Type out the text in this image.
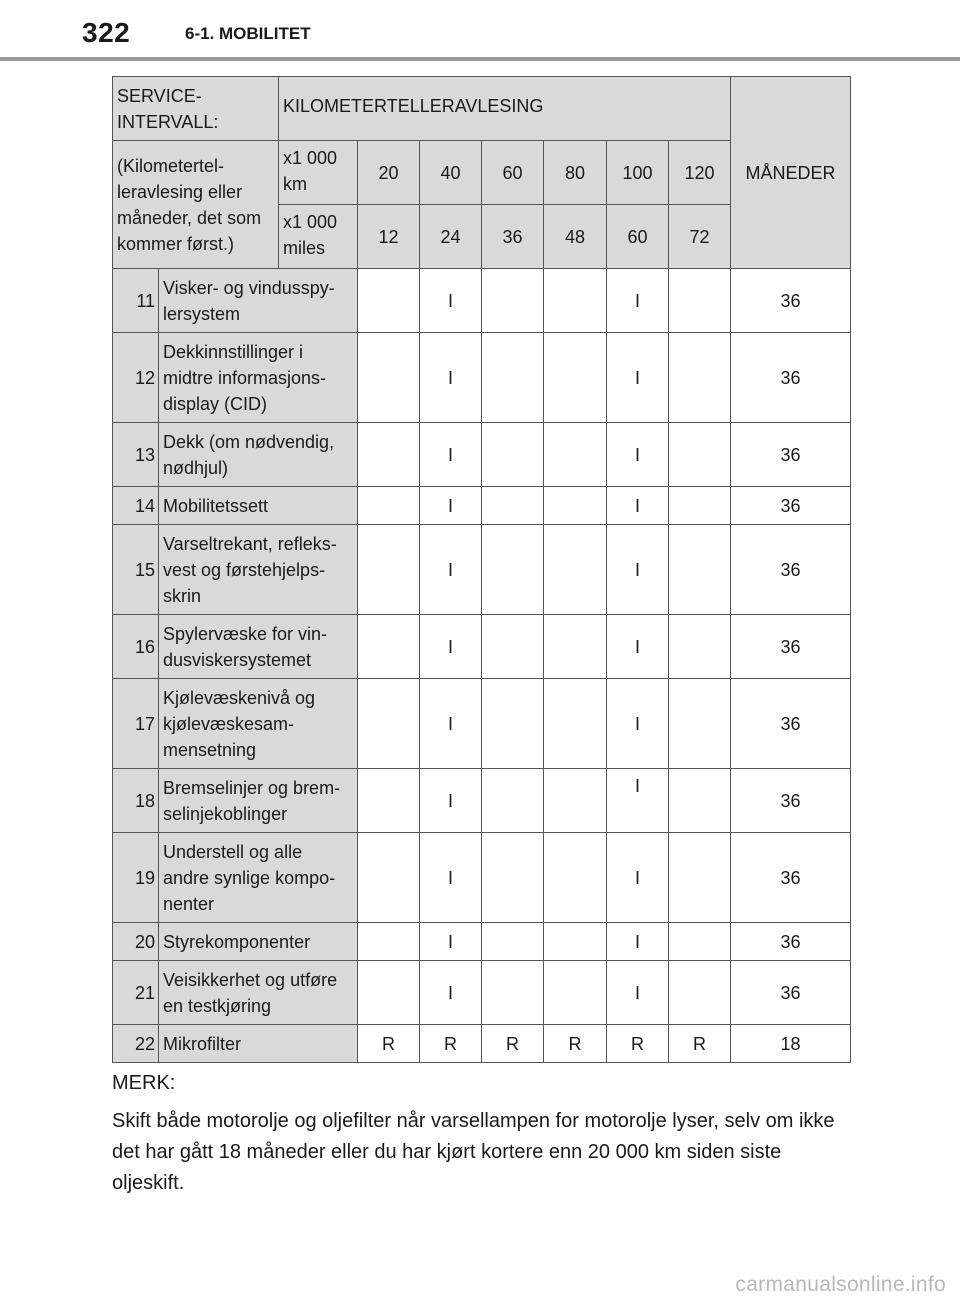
322	6-1. MOBILITET
SERVICE-
INTERVALL:		KILOMETERTELLERAVLESING							MÅNEDER
(Kilometertel-
leravlesing eller
måneder, det som
kommer først.)		x1 000
km	20	40	60	80	100	120	
		x1 000
miles	12	24	36	48	60	72	
11	Visker- og vindusspy-
lersystem			I			I		36
12	Dekkinnstillinger i
midtre informasjons-
display (CID)			I			I		36
13	Dekk (om nødvendig,
nødhjul)			I			I		36
14	Mobilitetssett			I			I		36
15	Varseltrekant, refleks-
vest og førstehjelps-
skrin			I			I		36
16	Spylervæske for vin-
dusviskersystemet			I			I		36
17	Kjølevæskenivå og
kjølevæskesam-
mensetning			I			I		36
18	Bremselinjer og brem-
selinjekoblinger			I			I		36
19	Understell og alle
andre synlige kompo-
nenter			I			I		36
20	Styrekomponenter			I			I		36
21	Veisikkerhet og utføre
en testkjøring			I			I		36
22	Mikrofilter		R	R	R	R	R	R	18

MERK:

Skift både motorolje og oljefilter når varsellampen for motorolje lyser, selv om ikke det har gått 18 måneder eller du har kjørt kortere enn 20 000 km siden siste oljeskift.

carmanualsonline.info
